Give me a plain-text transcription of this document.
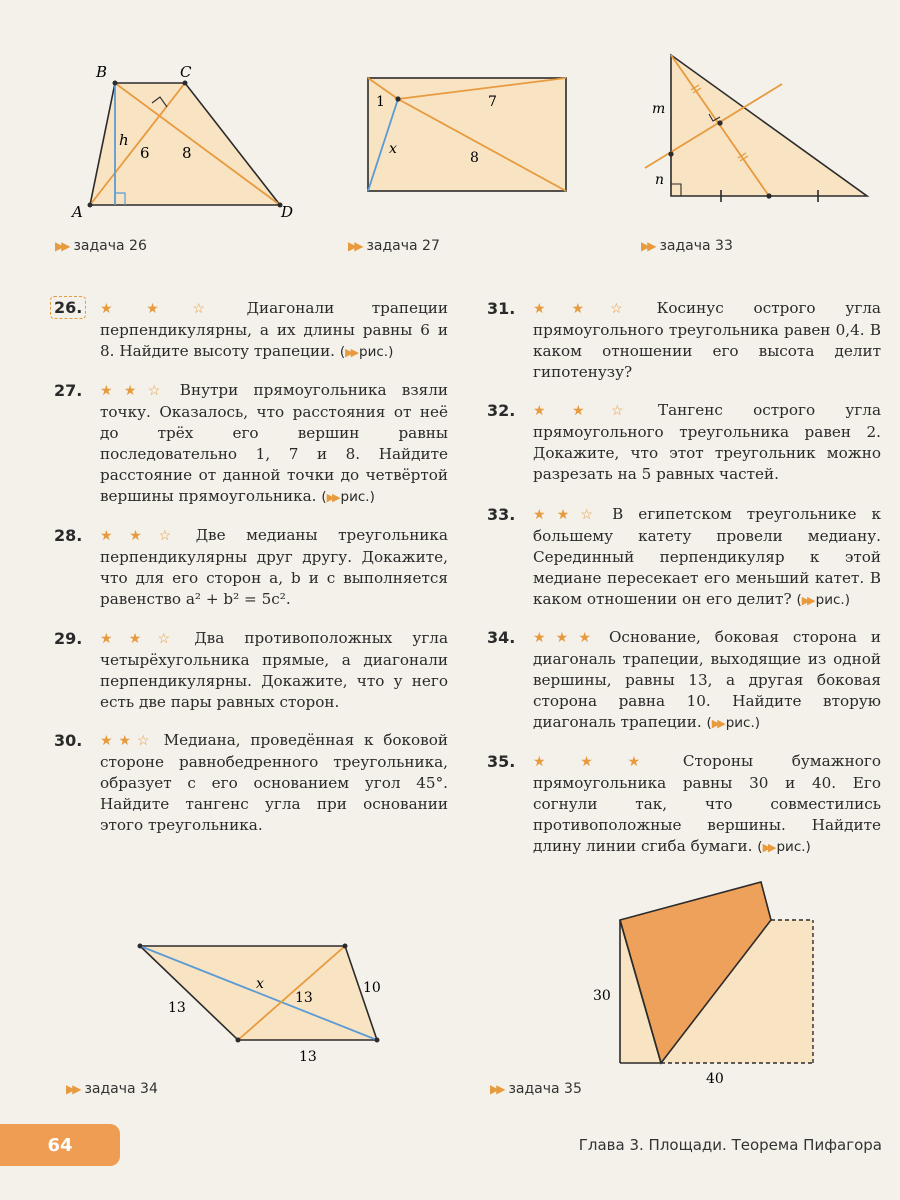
B	C
A	D
h
6 8
▶▶ задача 26
1	7
8
x
▶▶ задача 27
m
n
▶▶ задача 33
26. ★★☆ Диагонали трапеции перпендикулярны, а их длины равны 6 и 8. Найдите высоту трапеции. (▶▶ рис.)
27. ★★☆ Внутри прямоугольника взяли точку. Оказалось, что расстояния от неё до трёх его вершин равны последовательно 1, 7 и 8. Найдите расстояние от данной точки до четвёртой вершины прямоугольника. (▶▶ рис.)
28. ★★☆ Две медианы треугольника перпендикулярны друг другу. Докажите, что для его сторон a, b и c выполняется равенство a² + b² = 5c².
29. ★★☆ Два противоположных угла четырёхугольника прямые, а диагонали перпендикулярны. Докажите, что у него есть две пары равных сторон.
30. ★★☆ Медиана, проведённая к боковой стороне равнобедренного треугольника, образует с его основанием угол 45°. Найдите тангенс угла при основании этого треугольника.
31. ★★☆ Косинус острого угла прямоугольного треугольника равен 0,4. В каком отношении его высота делит гипотенузу?
32. ★★☆ Тангенс острого угла прямоугольного треугольника равен 2. Докажите, что этот треугольник можно разрезать на 5 равных частей.
33. ★★☆ В египетском треугольнике к большему катету провели медиану. Серединный перпендикуляр к этой медиане пересекает его меньший катет. В каком отношении он его делит? (▶▶ рис.)
34. ★★★ Основание, боковая сторона и диагональ трапеции, выходящие из одной вершины, равны 13, а другая боковая сторона равна 10. Найдите вторую диагональ трапеции. (▶▶ рис.)
35. ★★★ Стороны бумажного прямоугольника равны 30 и 40. Его согнули так, что совместились противоположные вершины. Найдите длину линии сгиба бумаги. (▶▶ рис.)
x
13
13
10
13
▶▶ задача 34
30
40
▶▶ задача 35
64	Глава 3. Площади. Теорема Пифагора
